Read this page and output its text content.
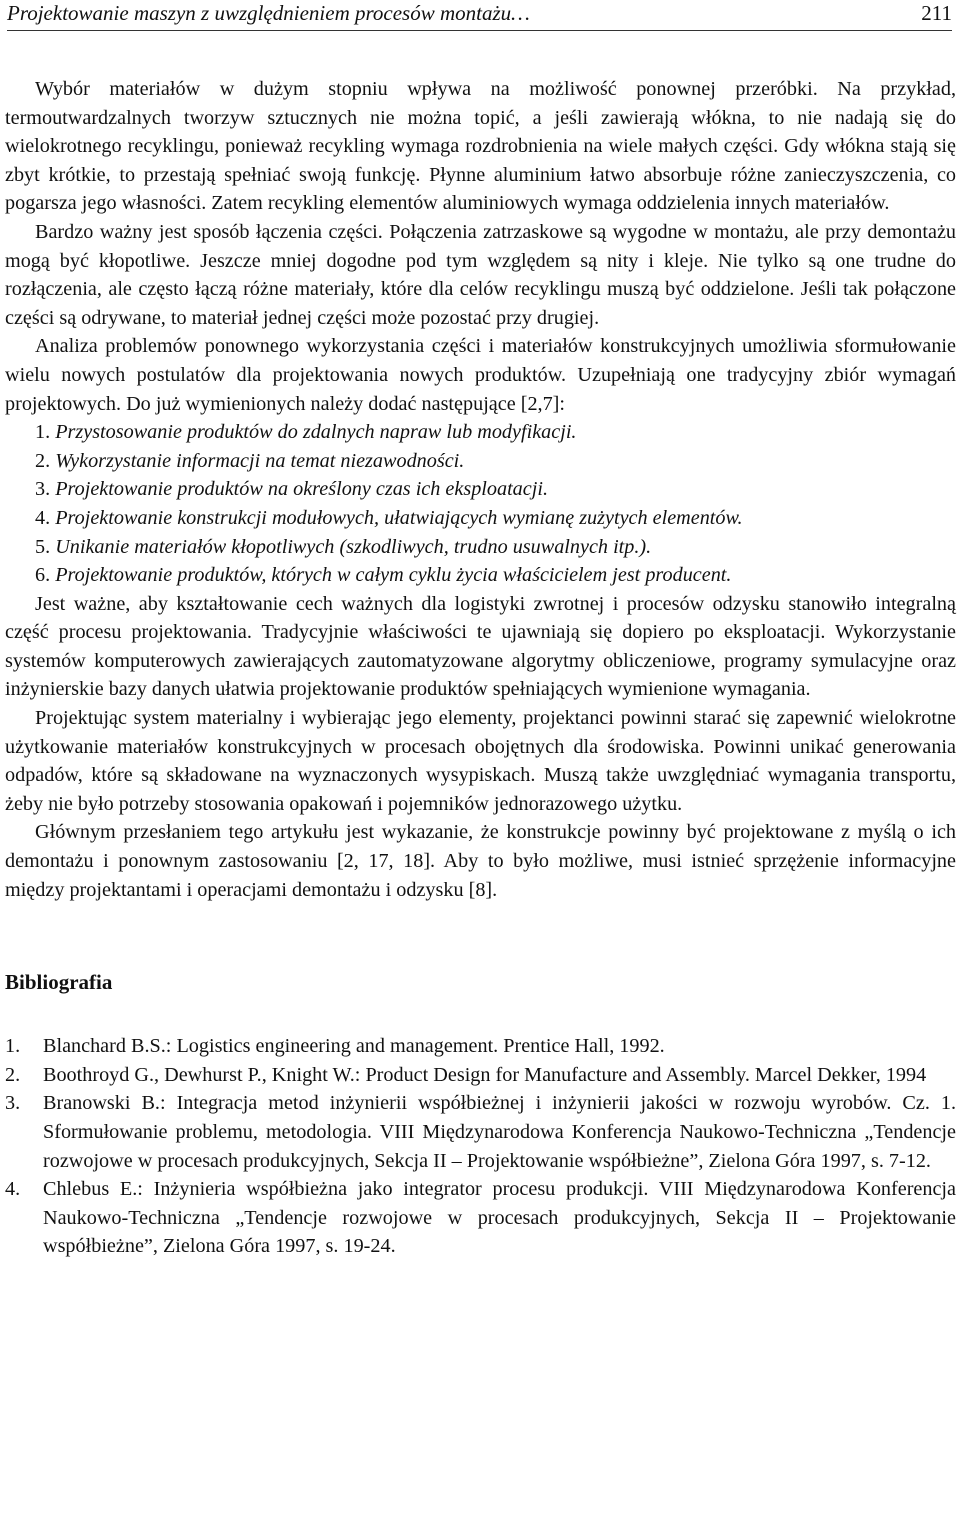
Projektowanie maszyn z uwzględnieniem procesów montażu…	211

Wybór materiałów w dużym stopniu wpływa na możliwość ponownej przeróbki. Na przykład, termoutwardzalnych tworzyw sztucznych nie można topić, a jeśli zawierają włókna, to nie nadają się do wielokrotnego recyklingu, ponieważ recykling wymaga rozdrobnienia na wiele małych części. Gdy włókna stają się zbyt krótkie, to przestają spełniać swoją funkcję. Płynne aluminium łatwo absorbuje różne zanieczyszczenia, co pogarsza jego własności. Zatem recykling elementów aluminiowych wymaga oddzielenia innych materiałów.

Bardzo ważny jest sposób łączenia części. Połączenia zatrzaskowe są wygodne w montażu, ale przy demontażu mogą być kłopotliwe. Jeszcze mniej dogodne pod tym względem są nity i kleje. Nie tylko są one trudne do rozłączenia, ale często łączą różne materiały, które dla celów recyklingu muszą być oddzielone. Jeśli tak połączone części są odrywane, to materiał jednej części może pozostać przy drugiej.

Analiza problemów ponownego wykorzystania części i materiałów konstrukcyjnych umożliwia sformułowanie wielu nowych postulatów dla projektowania nowych produktów. Uzupełniają one tradycyjny zbiór wymagań projektowych. Do już wymienionych należy dodać następujące [2,7]:

1. Przystosowanie produktów do zdalnych napraw lub modyfikacji.
2. Wykorzystanie informacji na temat niezawodności.
3. Projektowanie produktów na określony czas ich eksploatacji.
4. Projektowanie konstrukcji modułowych, ułatwiających wymianę zużytych elementów.
5. Unikanie materiałów kłopotliwych (szkodliwych, trudno usuwalnych itp.).
6. Projektowanie produktów, których w całym cyklu życia właścicielem jest producent.

Jest ważne, aby kształtowanie cech ważnych dla logistyki zwrotnej i procesów odzysku stanowiło integralną część procesu projektowania. Tradycyjnie właściwości te ujawniają się dopiero po eksploatacji. Wykorzystanie systemów komputerowych zawierających zautomatyzowane algorytmy obliczeniowe, programy symulacyjne oraz inżynierskie bazy danych ułatwia projektowanie produktów spełniających wymienione wymagania.

Projektując system materialny i wybierając jego elementy, projektanci powinni starać się zapewnić wielokrotne użytkowanie materiałów konstrukcyjnych w procesach obojętnych dla środowiska. Powinni unikać generowania odpadów, które są składowane na wyznaczonych wysypiskach. Muszą także uwzględniać wymagania transportu, żeby nie było potrzeby stosowania opakowań i pojemników jednorazowego użytku.

Głównym przesłaniem tego artykułu jest wykazanie, że konstrukcje powinny być projektowane z myślą o ich demontażu i ponownym zastosowaniu [2, 17, 18]. Aby to było możliwe, musi istnieć sprzężenie informacyjne między projektantami i operacjami demontażu i odzysku [8].

Bibliografia
1.	Blanchard B.S.: Logistics engineering and management. Prentice Hall, 1992.
2.	Boothroyd G., Dewhurst P., Knight W.: Product Design for Manufacture and Assembly. Marcel Dekker, 1994
3.	Branowski B.: Integracja metod inżynierii współbieżnej i inżynierii jakości w rozwoju wyrobów. Cz. 1. Sformułowanie problemu, metodologia. VIII Międzynarodowa Konferencja Naukowo-Techniczna „Tendencje rozwojowe w procesach produkcyjnych, Sekcja II – Projektowanie współbieżne”, Zielona Góra 1997, s. 7-12.
4.	Chlebus E.: Inżynieria współbieżna jako integrator procesu produkcji. VIII Międzynarodowa Konferencja Naukowo-Techniczna „Tendencje rozwojowe w procesach produkcyjnych, Sekcja II – Projektowanie współbieżne”, Zielona Góra 1997, s. 19-24.
